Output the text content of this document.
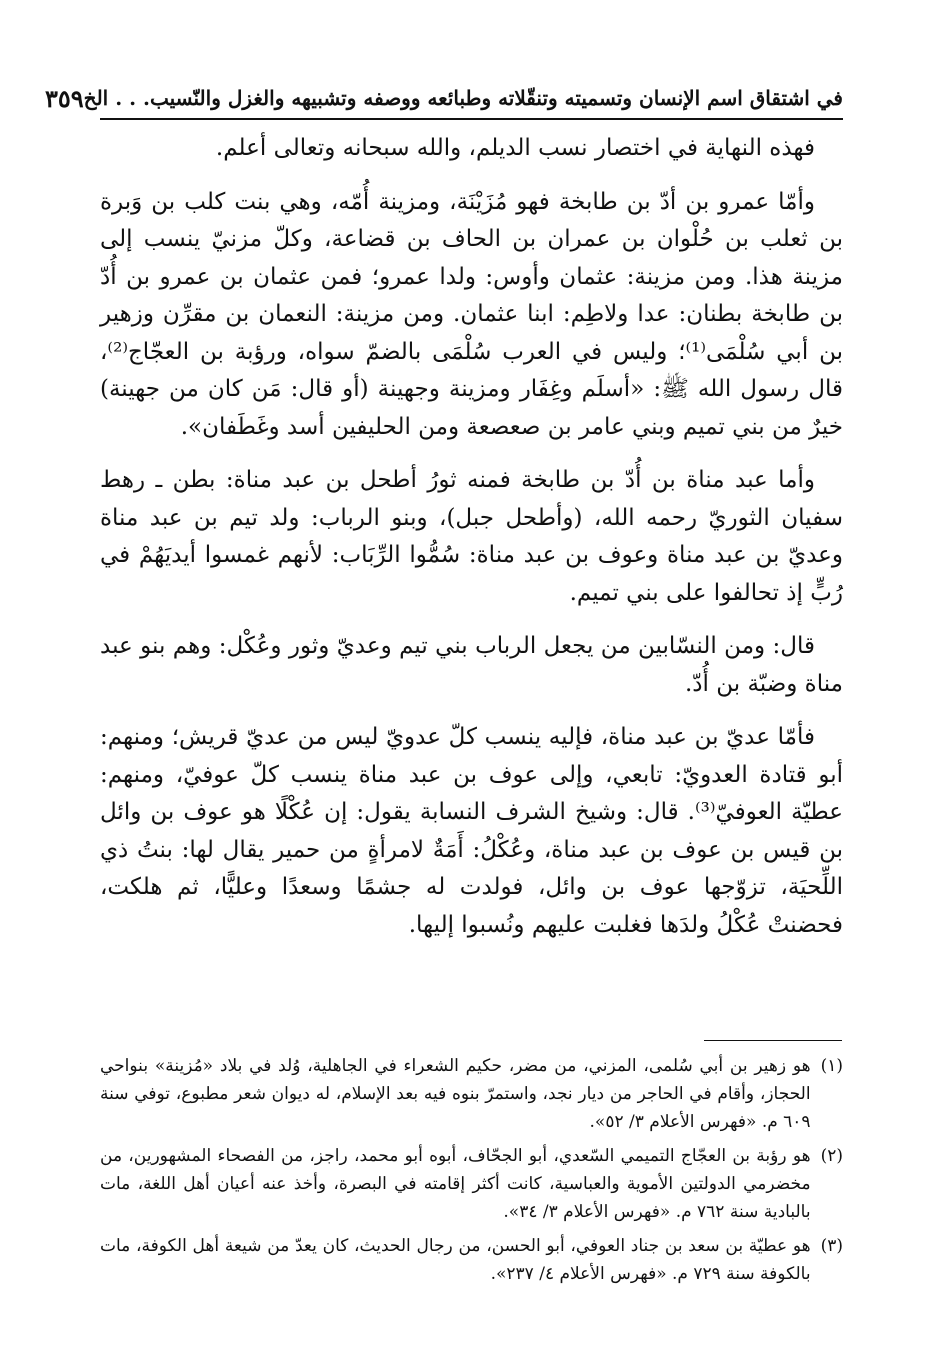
في اشتقاق اسم الإنسان وتسميته وتنقّلاته وطبائعه ووصفه وتشبيهه والغزل والنّسيب. . . الخ
٣٥٩

فهذه النهاية في اختصار نسب الديلم، والله سبحانه وتعالى أعلم.

وأمّا عمرو بن أدّ بن طابخة فهو مُزَيْنَة، ومزينة أُمّه، وهي بنت كلب بن وَبرة بن ثعلب بن حُلْوان بن عمران بن الحاف بن قضاعة، وكلّ مزنيّ ينسب إلى مزينة هذا. ومن مزينة: عثمان وأوس: ولدا عمرو؛ فمن عثمان بن عمرو بن أُدّ بن طابخة بطنان: عدا ولاطِم: ابنا عثمان. ومن مزينة: النعمان بن مقرِّن وزهير بن أبي سُلْمَى⁽¹⁾؛ وليس في العرب سُلْمَى بالضمّ سواه، ورؤبة بن العجّاج⁽²⁾، قال رسول الله ﷺ: «أسلَم وغِفَار ومزينة وجهينة (أو قال: مَن كان من جهينة) خيرٌ من بني تميم وبني عامر بن صعصعة ومن الحليفين أسد وغَطَفان».

وأما عبد مناة بن أُدّ بن طابخة فمنه ثورُ أطحل بن عبد مناة: بطن ـ رهط سفيان الثوريّ رحمه الله، (وأطحل جبل)، وبنو الرباب: ولد تيم بن عبد مناة وعديّ بن عبد مناة وعوف بن عبد مناة: سُمُّوا الرِّبَاب: لأنهم غمسوا أيديَهُمْ في رُبٍّ إذ تحالفوا على بني تميم.

قال: ومن النسّابين من يجعل الرباب بني تيم وعديّ وثور وعُكْل: وهم بنو عبد مناة وضبّة بن أُدّ.

فأمّا عديّ بن عبد مناة، فإليه ينسب كلّ عدويّ ليس من عديّ قريش؛ ومنهم: أبو قتادة العدويّ: تابعي، وإلى عوف بن عبد مناة ينسب كلّ عوفيّ، ومنهم: عطيّة العوفيّ⁽³⁾. قال: وشيخ الشرف النسابة يقول: إن عُكْلًا هو عوف بن وائل بن قيس بن عوف بن عبد مناة، وعُكْلُ: أَمَةٌ لامرأةٍ من حمير يقال لها: بنتُ ذي اللِّحيَة، تزوّجها عوف بن وائل، فولدت له جشمًا وسعدًا وعليًّا، ثم هلكت، فحضنتْ عُكْلُ ولدَها فغلبت عليهم ونُسبوا إليها.

(١)
هو زهير بن أبي سُلمى، المزني، من مضر، حكيم الشعراء في الجاهلية، وُلد في بلاد «مُزينة» بنواحي الحجاز، وأقام في الحاجر من ديار نجد، واستمرّ بنوه فيه بعد الإسلام، له ديوان شعر مطبوع، توفي سنة ٦٠٩ م. «فهرس الأعلام ٣/ ٥٢».
(٢)
هو رؤبة بن العجّاج التميمي السّعدي، أبو الجحّاف، أبوه أبو محمد، راجز، من الفصحاء المشهورين، من مخضرمي الدولتين الأموية والعباسية، كانت أكثر إقامته في البصرة، وأخذ عنه أعيان أهل اللغة، مات بالبادية سنة ٧٦٢ م. «فهرس الأعلام ٣/ ٣٤».
(٣)
هو عطيّة بن سعد بن جناد العوفي، أبو الحسن، من رجال الحديث، كان يعدّ من شيعة أهل الكوفة، مات بالكوفة سنة ٧٢٩ م. «فهرس الأعلام ٤/ ٢٣٧».
